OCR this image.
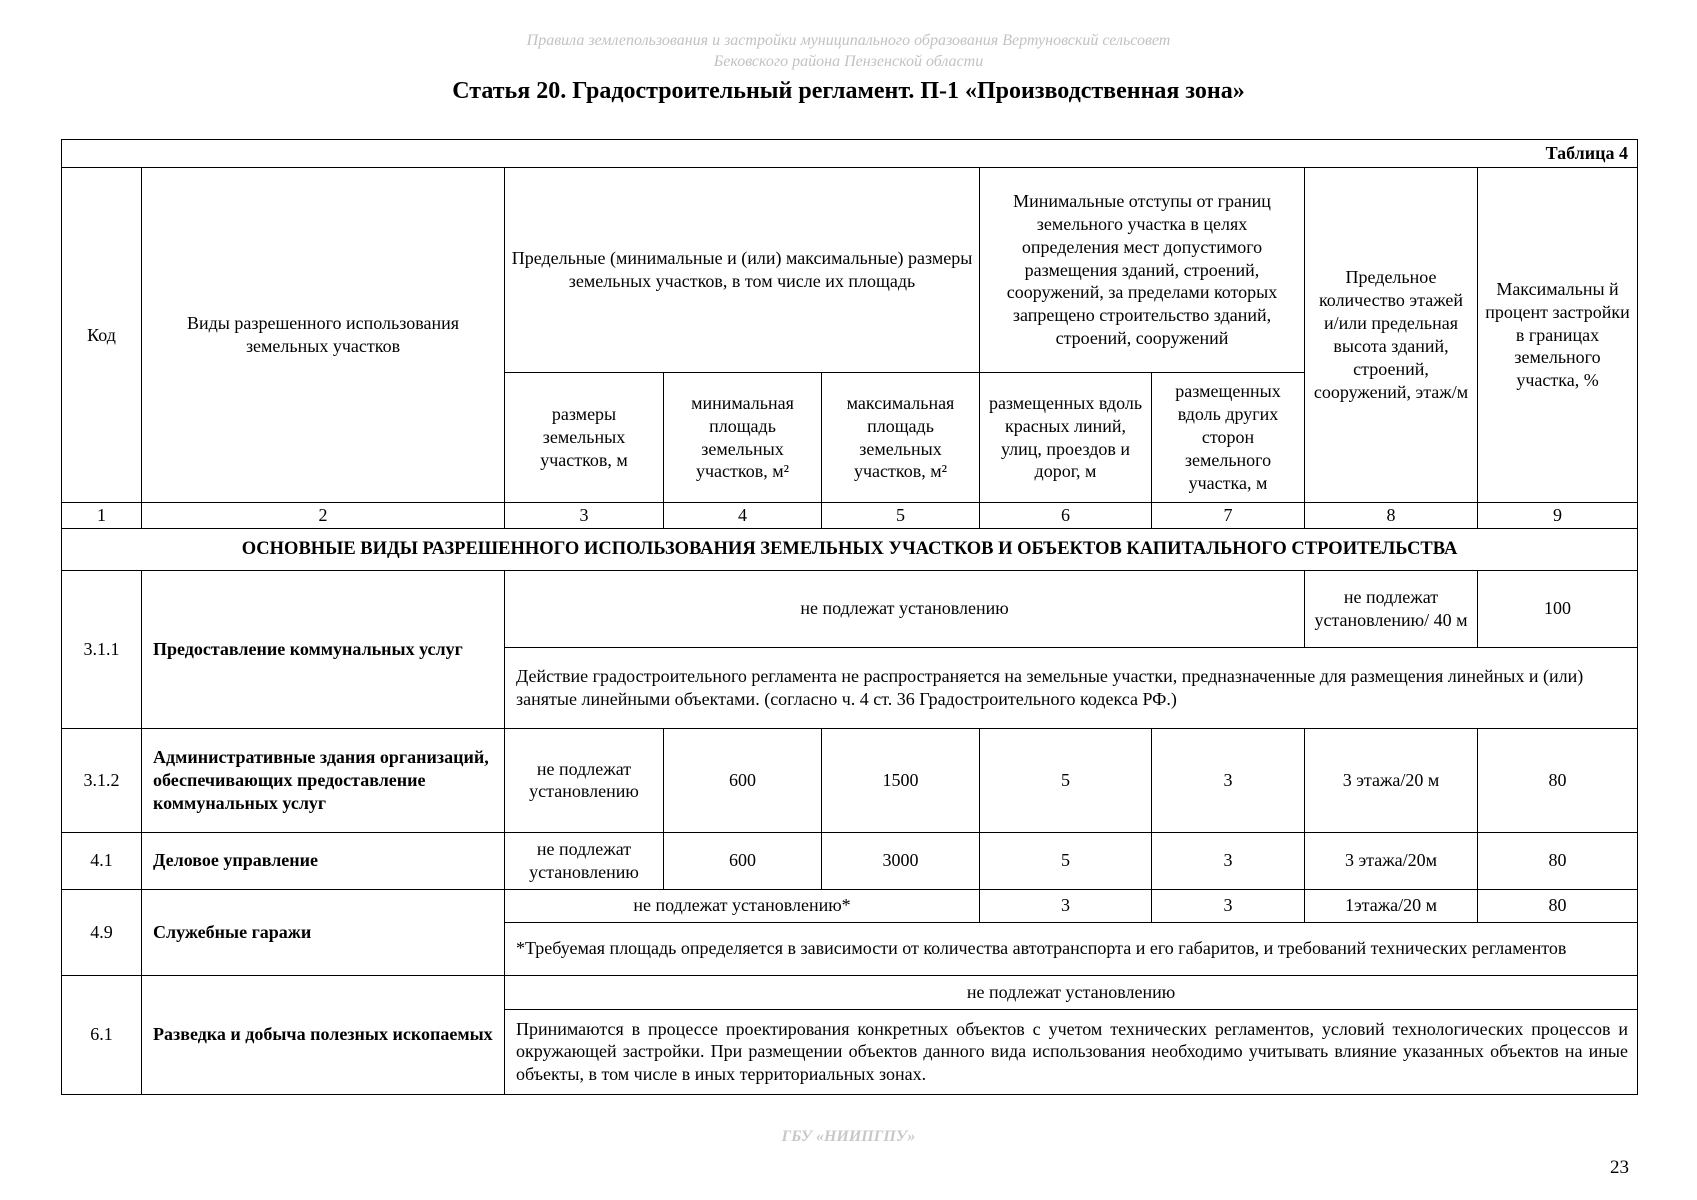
Правила землепользования и застройки муниципального образования Вертуновский сельсовет
Бековского района Пензенской области
Статья 20. Градостроительный регламент. П-1 «Производственная зона»
Таблица 4								
Код	Виды разрешенного использования земельных участков	Предельные (минимальные и (или) максимальные) размеры земельных участков, в том числе их площадь			Минимальные отступы от границ земельного участка в целях определения мест допустимого размещения зданий, строений, сооружений, за пределами которых запрещено строительство зданий, строений, сооружений		Предельное количество этажей и/или предельная высота зданий, строений, сооружений, этаж/м	Максимальны й процент застройки в границах земельного участка, %
		размеры земельных участков, м	минимальная площадь земельных участков, м²	максимальная площадь земельных участков, м²	размещенных вдоль красных линий, улиц, проездов и дорог, м	размещенных вдоль других сторон земельного участка, м		
1	2	3	4	5	6	7	8	9
ОСНОВНЫЕ ВИДЫ РАЗРЕШЕННОГО ИСПОЛЬЗОВАНИЯ ЗЕМЕЛЬНЫХ УЧАСТКОВ И ОБЪЕКТОВ КАПИТАЛЬНОГО СТРОИТЕЛЬСТВА								
3.1.1	Предоставление коммунальных услуг	не подлежат установлению					не подлежат установлению/ 40 м	100
		Действие градостроительного регламента не распространяется на земельные участки, предназначенные для размещения линейных и (или) занятые линейными объектами. (согласно ч. 4 ст. 36 Градостроительного кодекса РФ.)						
3.1.2	Административные здания организаций, обеспечивающих предоставление коммунальных услуг	не подлежат установлению	600	1500	5	3	3 этажа/20 м	80
4.1	Деловое управление	не подлежат установлению	600	3000	5	3	3 этажа/20м	80
4.9	Служебные гаражи	не подлежат установлению*			3	3	1этажа/20 м	80
		*Требуемая площадь определяется в зависимости от количества автотранспорта и его габаритов, и требований технических регламентов						
6.1	Разведка и добыча полезных ископаемых	не подлежат установлению						
		Принимаются в процессе проектирования конкретных объектов с учетом технических регламентов, условий технологических процессов и окружающей застройки. При размещении объектов данного вида использования необходимо учитывать влияние указанных объектов на иные объекты, в том числе в иных территориальных зонах.						
ГБУ «НИИПГПУ»
23
